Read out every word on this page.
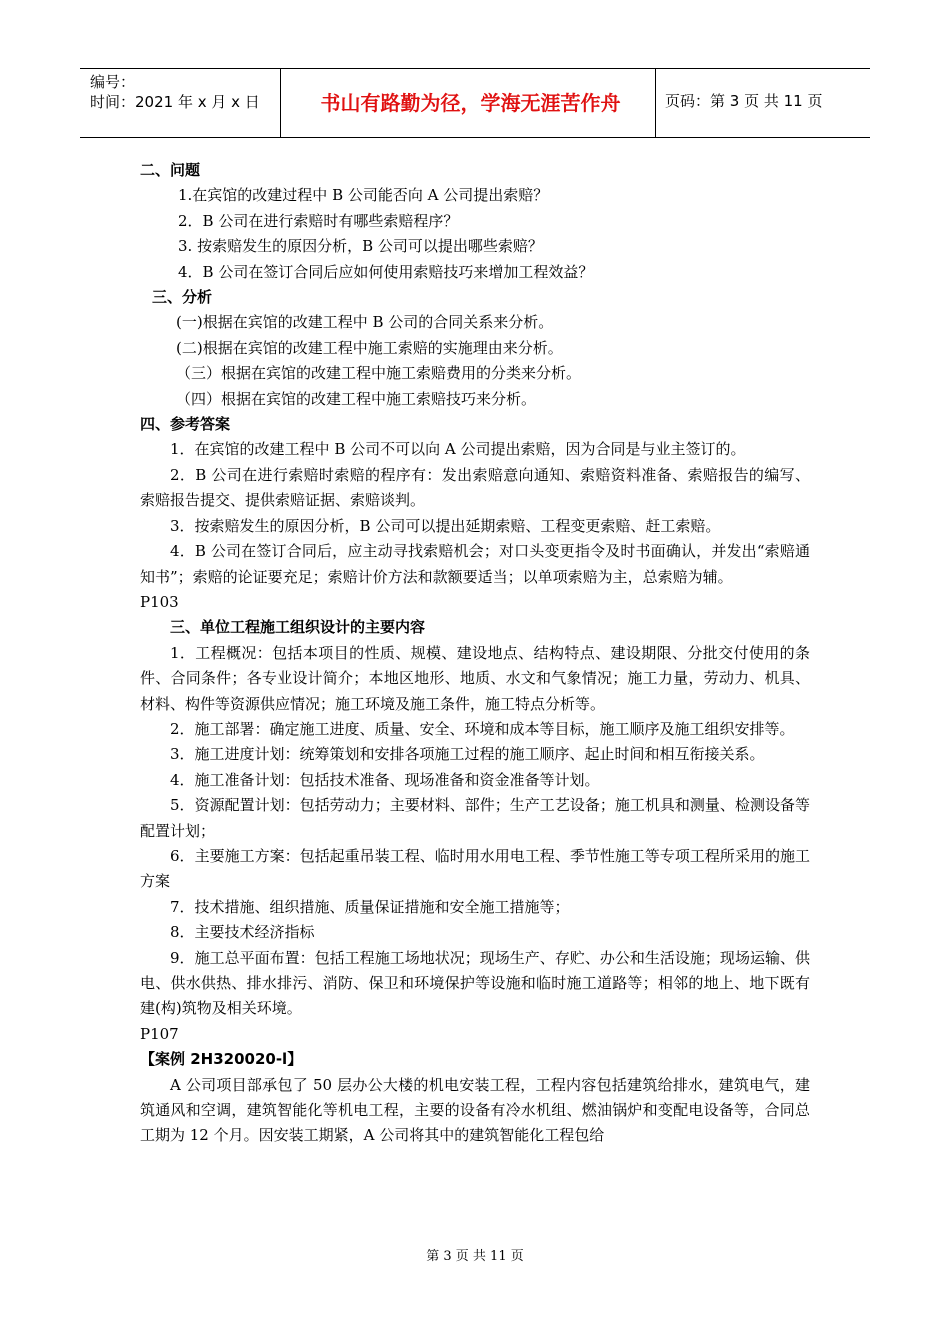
编号：
时间：2021 年 x 月 x 日	书山有路勤为径，学海无涯苦作舟	页码：第 3 页 共 11 页

二、问题

1.在宾馆的改建过程中 B 公司能否向 A 公司提出索赔？

2．B 公司在进行索赔时有哪些索赔程序？

3. 按索赔发生的原因分析，B 公司可以提出哪些索赔？

4．B 公司在签订合同后应如何使用索赔技巧来增加工程效益？

三、分析

(一)根据在宾馆的改建工程中 B 公司的合同关系来分析。

(二)根据在宾馆的改建工程中施工索赔的实施理由来分析。

（三）根据在宾馆的改建工程中施工索赔费用的分类来分析。

（四）根据在宾馆的改建工程中施工索赔技巧来分析。

四、参考答案

1．在宾馆的改建工程中 B 公司不可以向 A 公司提出索赔，因为合同是与业主签订的。

2．B 公司在进行索赔时索赔的程序有：发出索赔意向通知、索赔资料准备、索赔报告的编写、索赔报告提交、提供索赔证据、索赔谈判。

3．按索赔发生的原因分析，B 公司可以提出延期索赔、工程变更索赔、赶工索赔。

4．B 公司在签订合同后，应主动寻找索赔机会；对口头变更指令及时书面确认，并发出“索赔通知书”；索赔的论证要充足；索赔计价方法和款额要适当；以单项索赔为主，总索赔为辅。

P103

三、单位工程施工组织设计的主要内容

1．工程概况：包括本项目的性质、规模、建设地点、结构特点、建设期限、分批交付使用的条件、合同条件；各专业设计简介；本地区地形、地质、水文和气象情况；施工力量，劳动力、机具、材料、构件等资源供应情况；施工环境及施工条件，施工特点分析等。

2．施工部署：确定施工进度、质量、安全、环境和成本等目标，施工顺序及施工组织安排等。

3．施工进度计划：统筹策划和安排各项施工过程的施工顺序、起止时间和相互衔接关系。

4．施工准备计划：包括技术准备、现场准备和资金准备等计划。

5．资源配置计划：包括劳动力；主要材料、部件；生产工艺设备；施工机具和测量、检测设备等配置计划；

6．主要施工方案：包括起重吊装工程、临时用水用电工程、季节性施工等专项工程所采用的施工方案

7．技术措施、组织措施、质量保证措施和安全施工措施等；

8．主要技术经济指标

9．施工总平面布置：包括工程施工场地状况；现场生产、存贮、办公和生活设施；现场运输、供电、供水供热、排水排污、消防、保卫和环境保护等设施和临时施工道路等；相邻的地上、地下既有建(构)筑物及相关环境。

P107

【案例 2H320020-l】

A 公司项目部承包了 50 层办公大楼的机电安装工程，工程内容包括建筑给排水，建筑电气，建筑通风和空调，建筑智能化等机电工程，主要的设备有冷水机组、燃油锅炉和变配电设备等，合同总工期为 12 个月。因安装工期紧，A 公司将其中的建筑智能化工程包给

第 3 页 共 11 页
